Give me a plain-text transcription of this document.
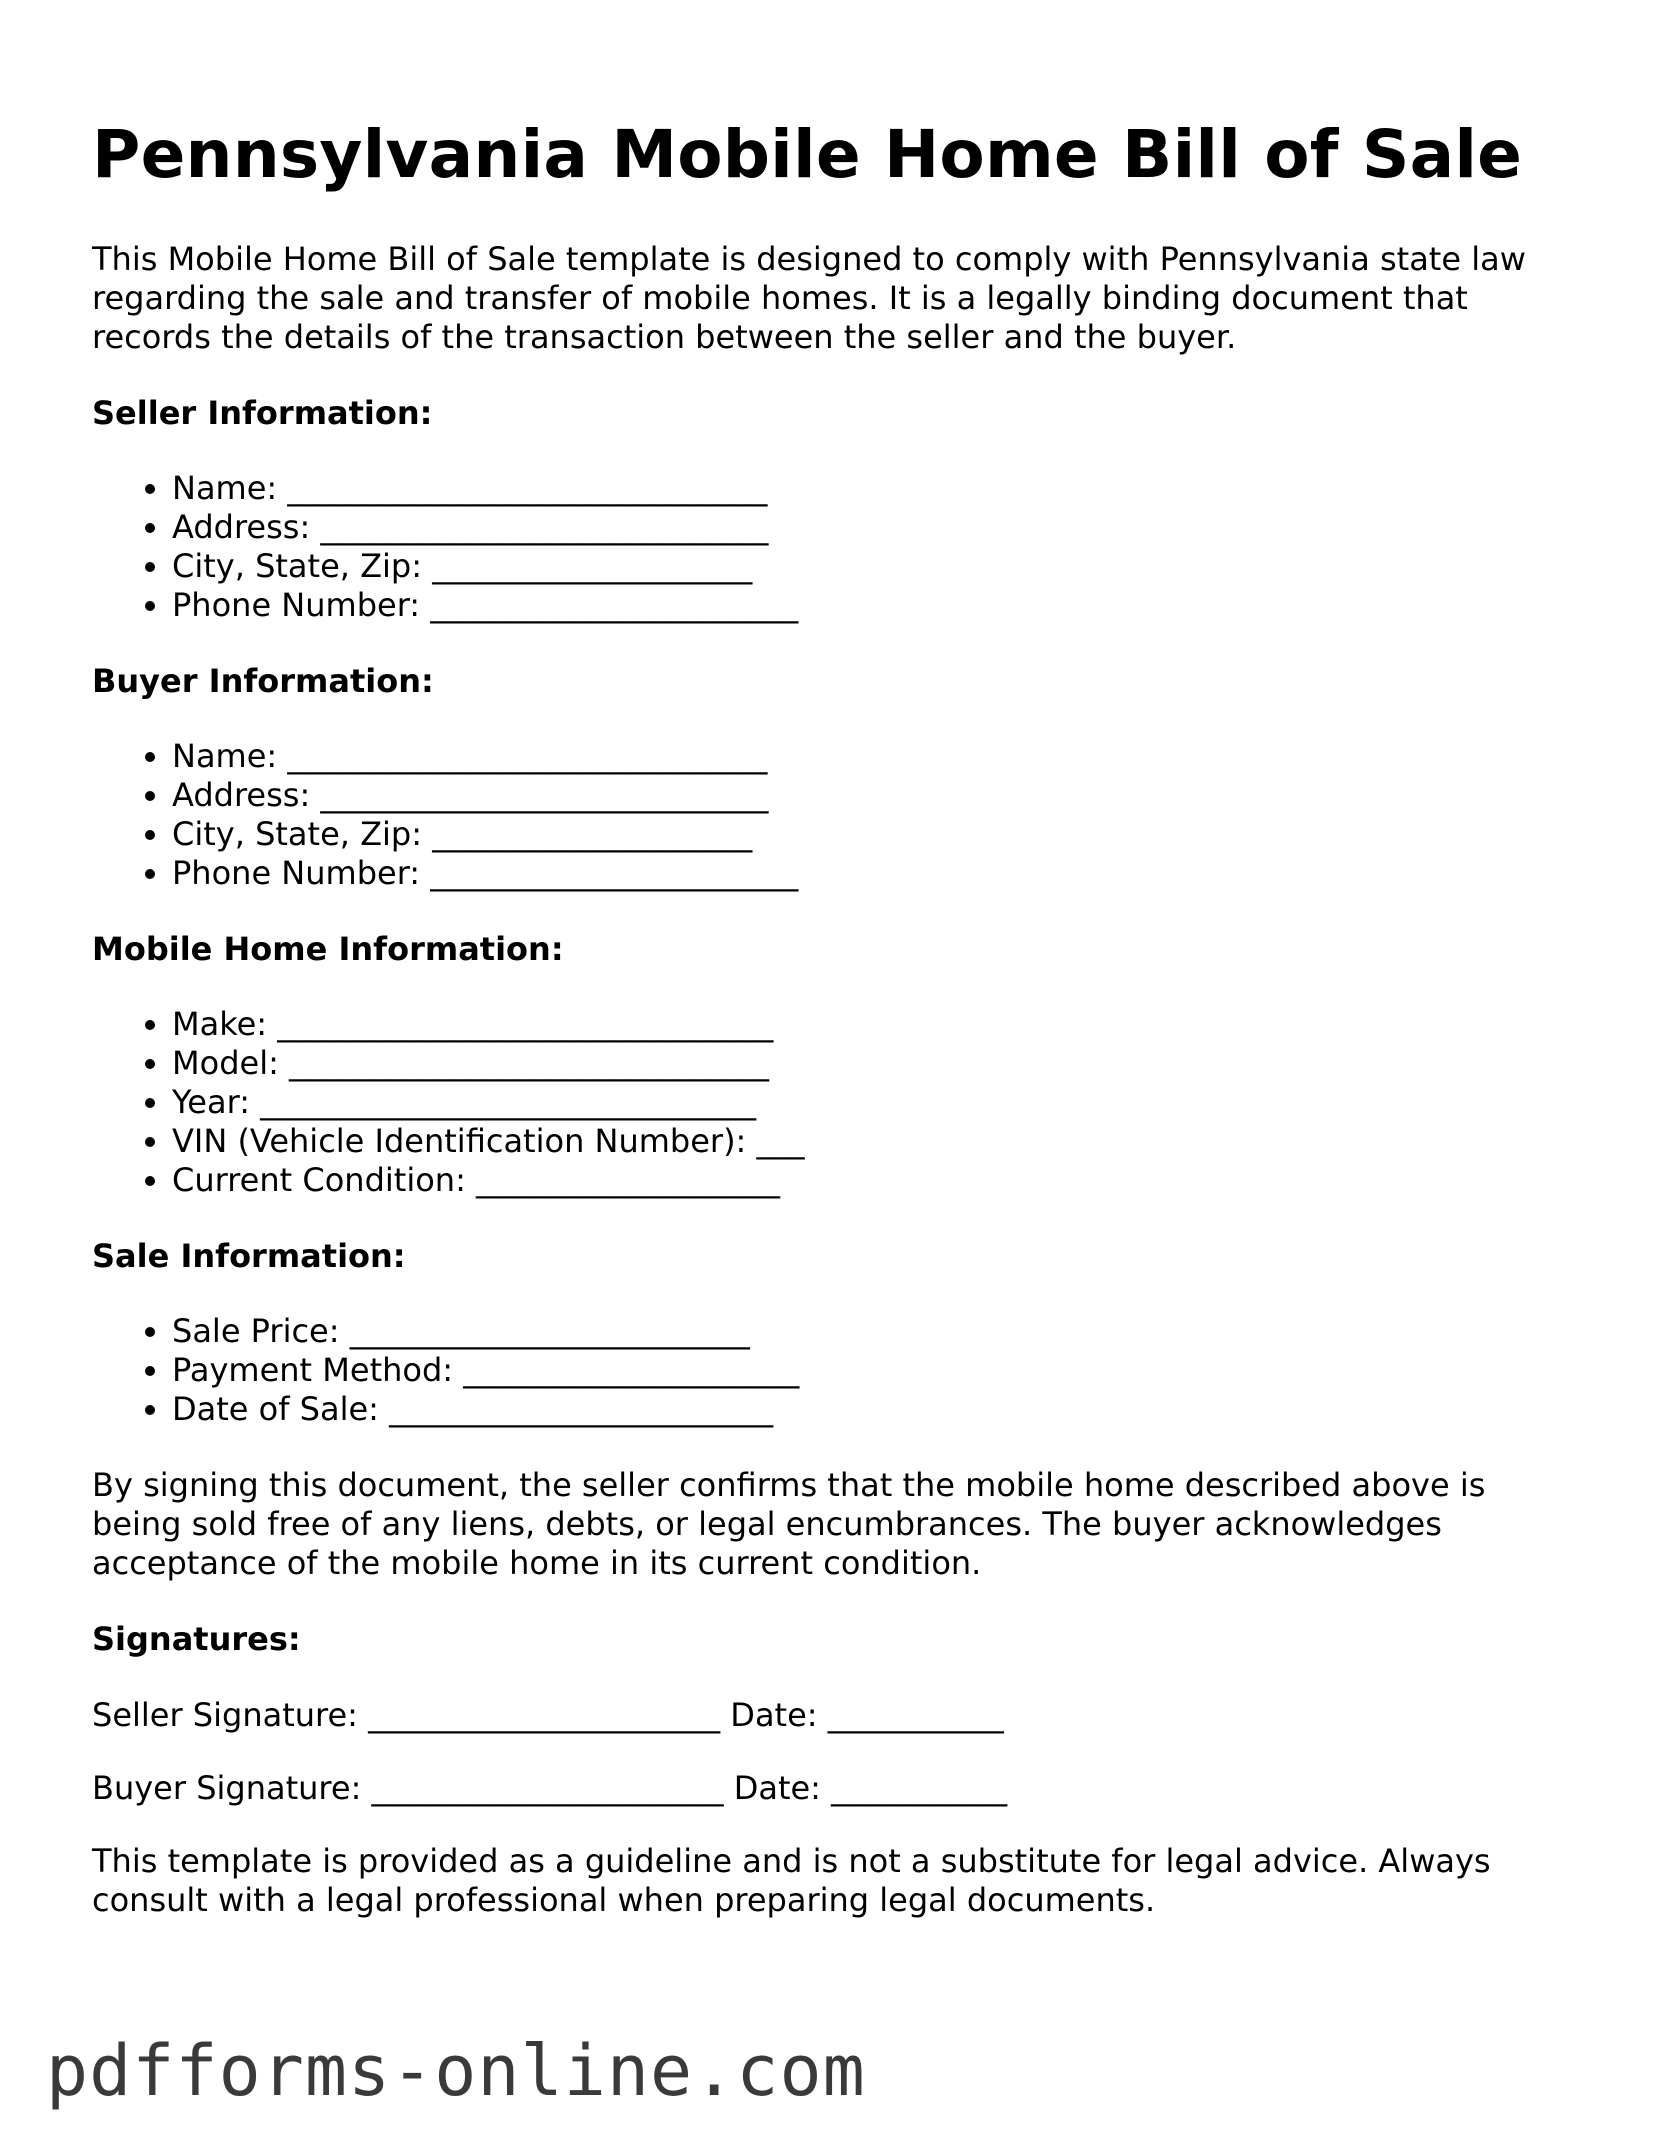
Pennsylvania Mobile Home Bill of Sale

This Mobile Home Bill of Sale template is designed to comply with Pennsylvania state law regarding the sale and transfer of mobile homes. It is a legally binding document that records the details of the transaction between the seller and the buyer.

Seller Information:
• Name: ______________________________
• Address: ____________________________
• City, State, Zip: ____________________
• Phone Number: _______________________
Buyer Information:
• Name: ______________________________
• Address: ____________________________
• City, State, Zip: ____________________
• Phone Number: _______________________
Mobile Home Information:
• Make: _______________________________
• Model: ______________________________
• Year: _______________________________
• VIN (Vehicle Identification Number): ___
• Current Condition: ___________________
Sale Information:
• Sale Price: _________________________
• Payment Method: _____________________
• Date of Sale: ________________________

By signing this document, the seller confirms that the mobile home described above is being sold free of any liens, debts, or legal encumbrances. The buyer acknowledges acceptance of the mobile home in its current condition.

Signatures:

Seller Signature: ______________________ Date: ___________

Buyer Signature: ______________________ Date: ___________

This template is provided as a guideline and is not a substitute for legal advice. Always consult with a legal professional when preparing legal documents.

pdfforms-online.com
